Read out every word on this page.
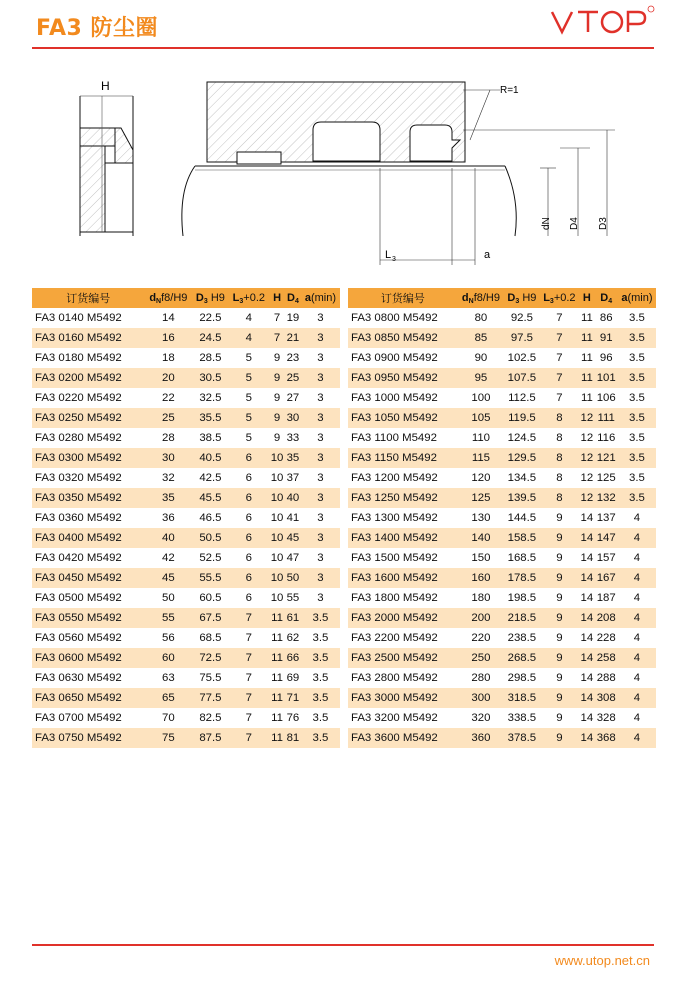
FA3 防尘圈
H	R=1
L 3	a
dN D4 D3
订货编号	$d_Nf8/H9$	$D_3$ H9	$L_3+0.2$	H	$D_4$	a(min)
FA3 0140 M5492	14	22.5	4	7	19	3
FA3 0160 M5492	16	24.5	4	7	21	3
FA3 0180 M5492	18	28.5	5	9	23	3
FA3 0200 M5492	20	30.5	5	9	25	3
FA3 0220 M5492	22	32.5	5	9	27	3
FA3 0250 M5492	25	35.5	5	9	30	3
FA3 0280 M5492	28	38.5	5	9	33	3
FA3 0300 M5492	30	40.5	6	10	35	3
FA3 0320 M5492	32	42.5	6	10	37	3
FA3 0350 M5492	35	45.5	6	10	40	3
FA3 0360 M5492	36	46.5	6	10	41	3
FA3 0400 M5492	40	50.5	6	10	45	3
FA3 0420 M5492	42	52.5	6	10	47	3
FA3 0450 M5492	45	55.5	6	10	50	3
FA3 0500 M5492	50	60.5	6	10	55	3
FA3 0550 M5492	55	67.5	7	11	61	3.5
FA3 0560 M5492	56	68.5	7	11	62	3.5
FA3 0600 M5492	60	72.5	7	11	66	3.5
FA3 0630 M5492	63	75.5	7	11	69	3.5
FA3 0650 M5492	65	77.5	7	11	71	3.5
FA3 0700 M5492	70	82.5	7	11	76	3.5
FA3 0750 M5492	75	87.5	7	11	81	3.5
订货编号	$d_Nf8/H9$	$D_3$ H9	$L_3+0.2$	H	$D_4$	a(min)
FA3 0800 M5492	80	92.5	7	11	86	3.5
FA3 0850 M5492	85	97.5	7	11	91	3.5
FA3 0900 M5492	90	102.5	7	11	96	3.5
FA3 0950 M5492	95	107.5	7	11	101	3.5
FA3 1000 M5492	100	112.5	7	11	106	3.5
FA3 1050 M5492	105	119.5	8	12	111	3.5
FA3 1100 M5492	110	124.5	8	12	116	3.5
FA3 1150 M5492	115	129.5	8	12	121	3.5
FA3 1200 M5492	120	134.5	8	12	125	3.5
FA3 1250 M5492	125	139.5	8	12	132	3.5
FA3 1300 M5492	130	144.5	9	14	137	4
FA3 1400 M5492	140	158.5	9	14	147	4
FA3 1500 M5492	150	168.5	9	14	157	4
FA3 1600 M5492	160	178.5	9	14	167	4
FA3 1800 M5492	180	198.5	9	14	187	4
FA3 2000 M5492	200	218.5	9	14	208	4
FA3 2200 M5492	220	238.5	9	14	228	4
FA3 2500 M5492	250	268.5	9	14	258	4
FA3 2800 M5492	280	298.5	9	14	288	4
FA3 3000 M5492	300	318.5	9	14	308	4
FA3 3200 M5492	320	338.5	9	14	328	4
FA3 3600 M5492	360	378.5	9	14	368	4
www.utop.net.cn
